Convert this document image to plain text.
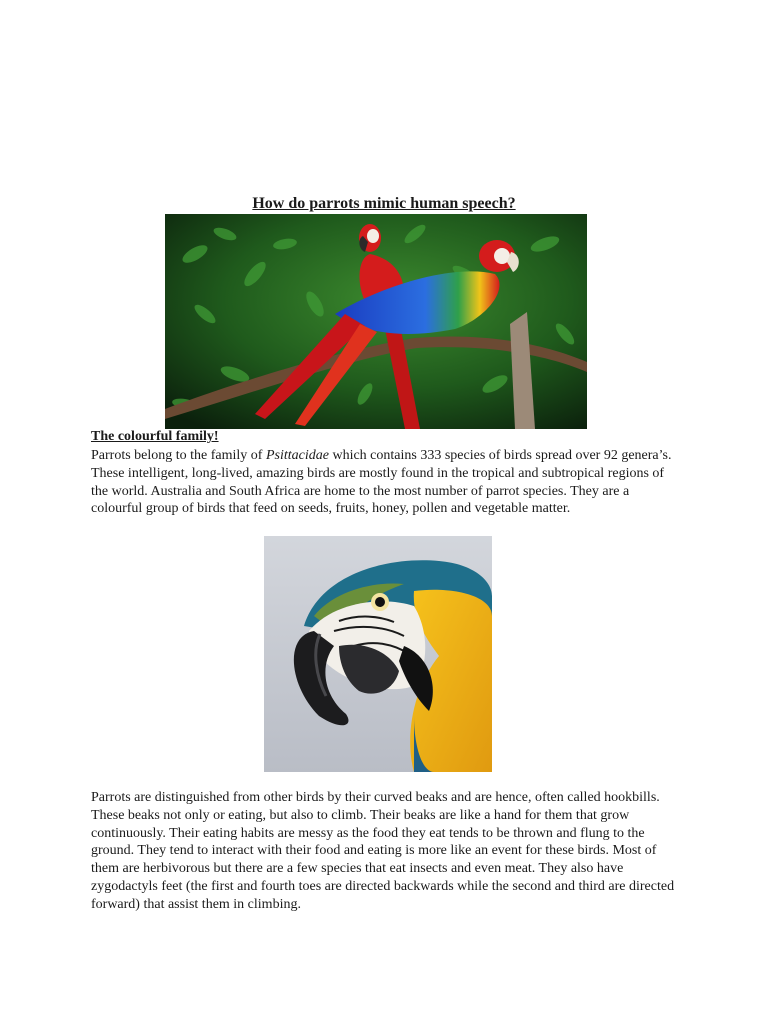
How do parrots mimic human speech?
The colourful family!

Parrots belong to the family of Psittacidae which contains 333 species of birds spread over 92 genera’s. These intelligent, long-lived, amazing birds are mostly found in the tropical and subtropical regions of the world. Australia and South Africa are home to the most number of parrot species. They are a colourful group of birds that feed on seeds, fruits, honey, pollen and vegetable matter.

Parrots are distinguished from other birds by their curved beaks and are hence, often called hookbills. These beaks not only or eating, but also to climb. Their beaks are like a hand for them that grow continuously. Their eating habits are messy as the food they eat tends to be thrown and flung to the ground. They tend to interact with their food and eating is more like an event for these birds. Most of them are herbivorous but there are a few species that eat insects and even meat. They also have zygodactyls feet (the first and fourth toes are directed backwards while the second and third are directed forward) that assist them in climbing.
